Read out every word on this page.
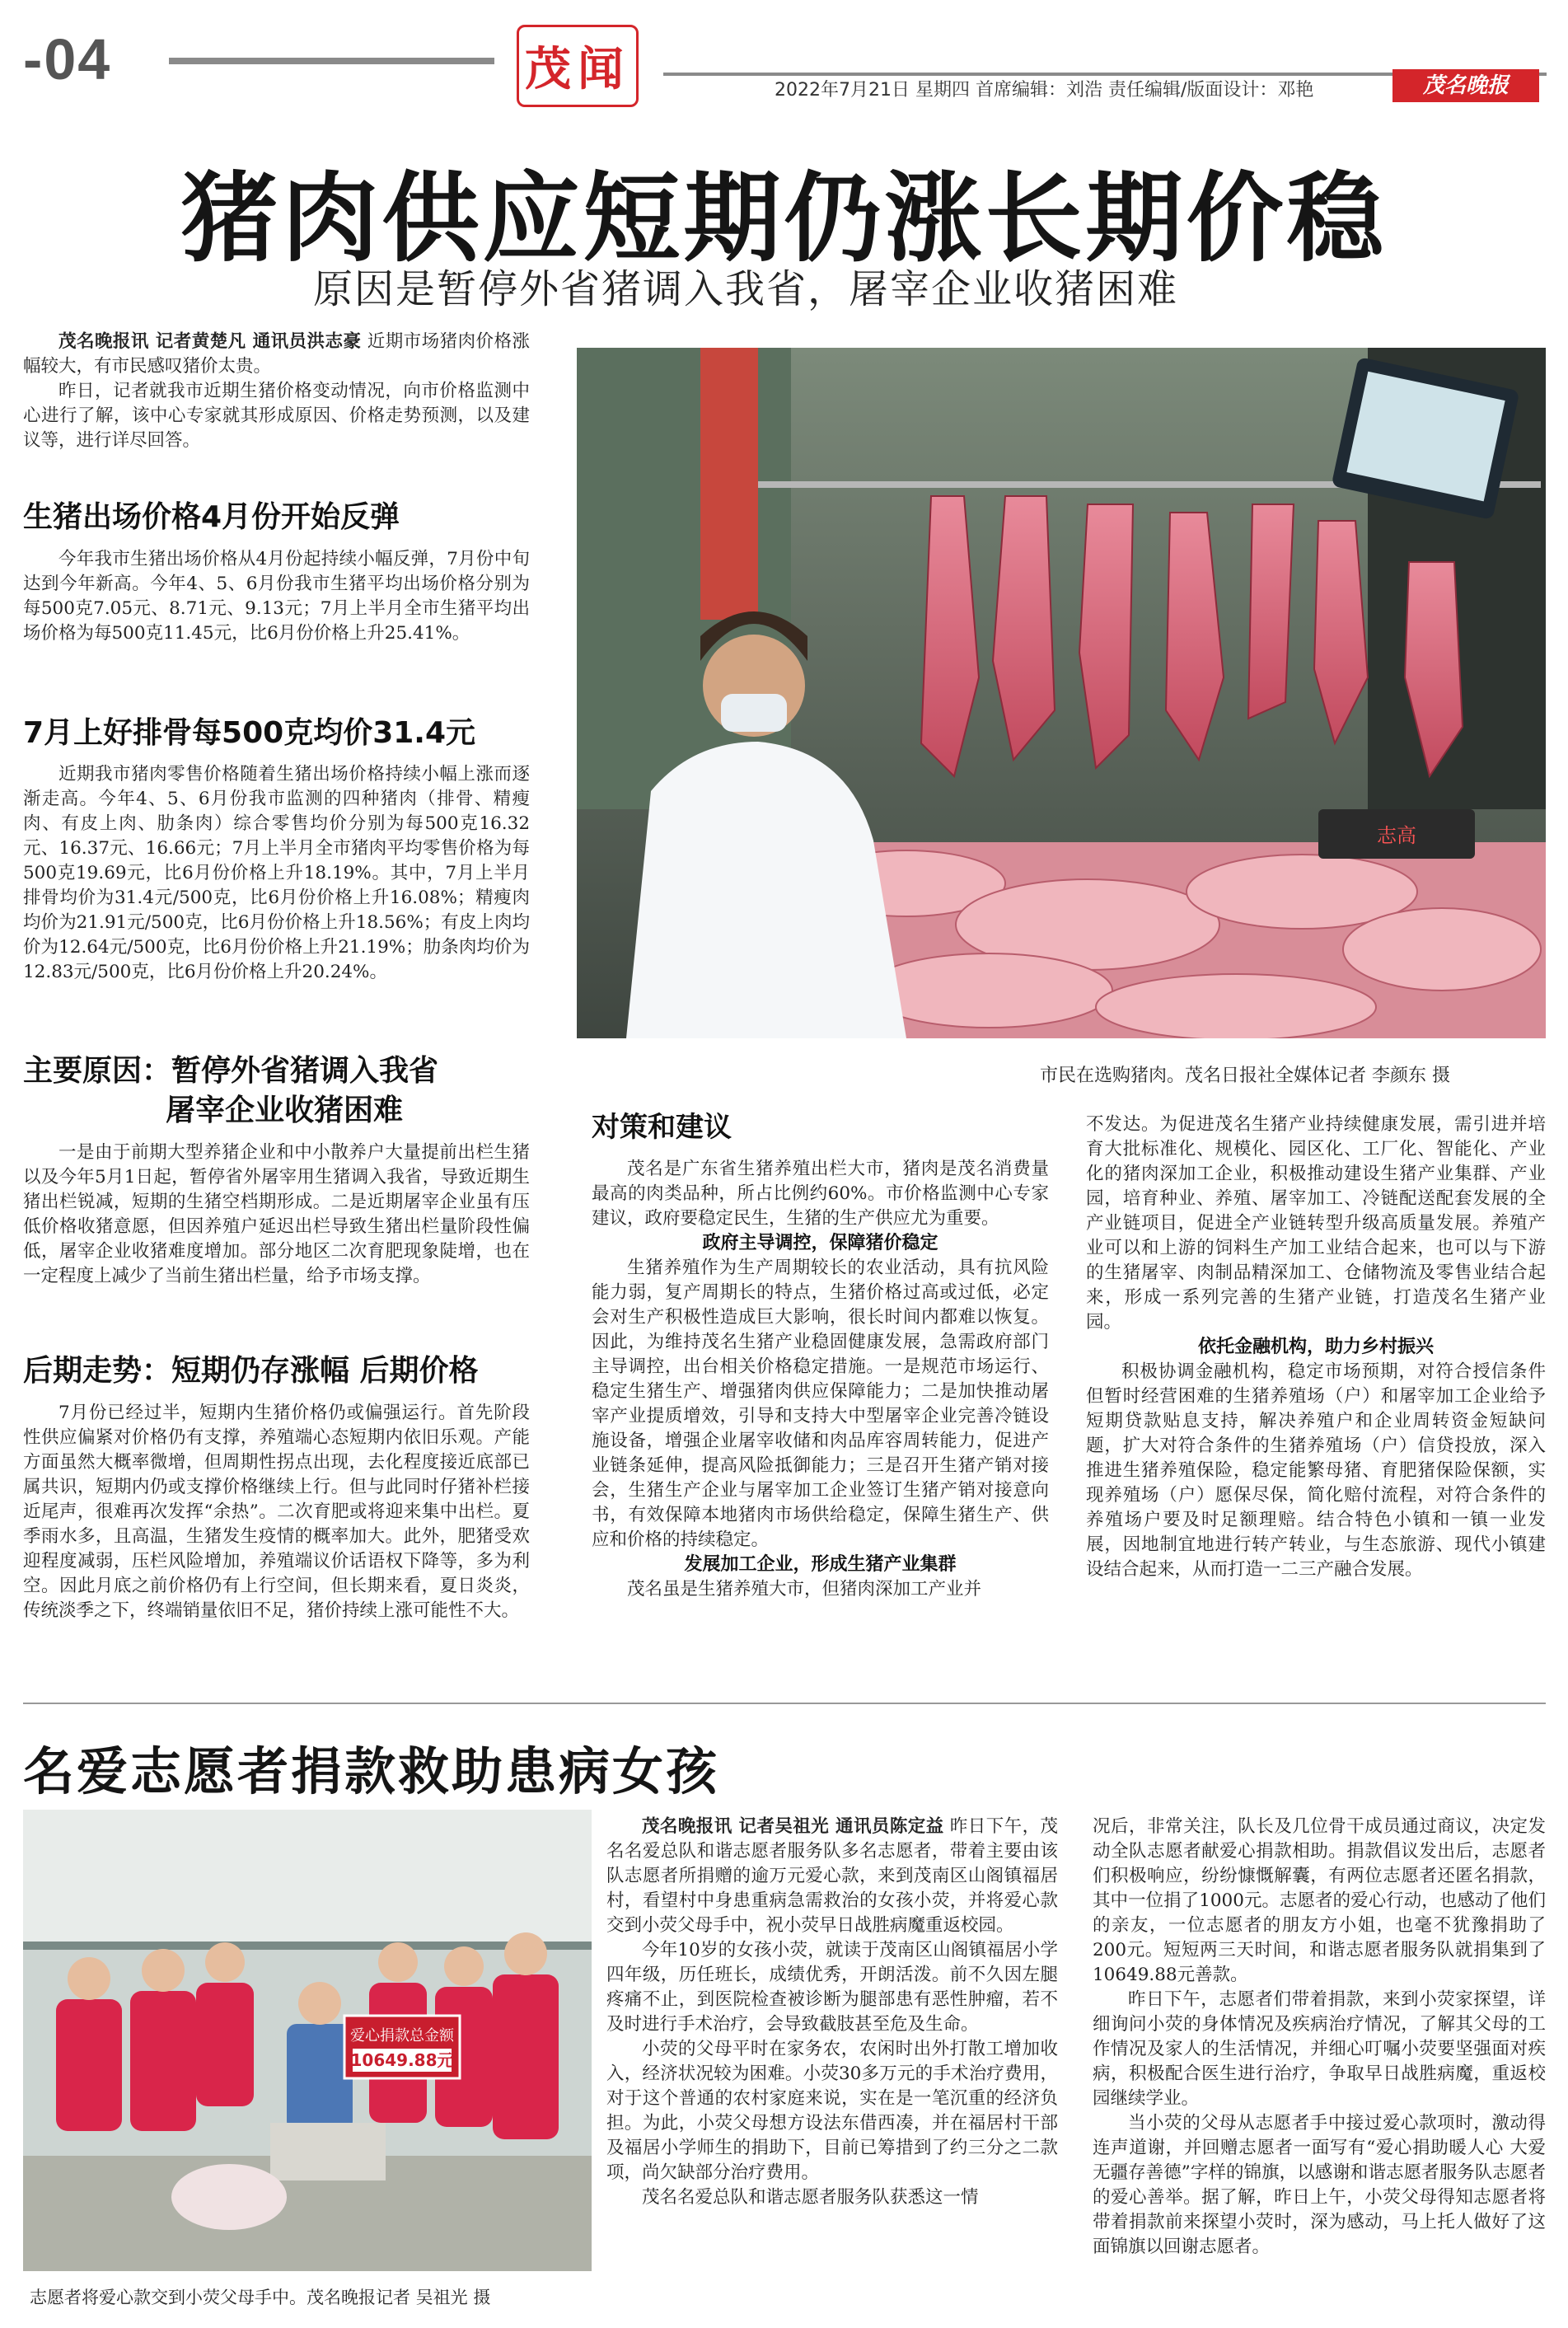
-04	茂闻	2022年7月21日 星期四 首席编辑：刘浩 责任编辑/版面设计：邓艳	茂名晚报
猪肉供应短期仍涨长期价稳
原因是暂停外省猪调入我省，屠宰企业收猪困难

茂名晚报讯 记者黄楚凡 通讯员洪志豪 近期市场猪肉价格涨幅较大，有市民感叹猪价太贵。

昨日，记者就我市近期生猪价格变动情况，向市价格监测中心进行了解，该中心专家就其形成原因、价格走势预测，以及建议等，进行详尽回答。

生猪出场价格4月份开始反弹

今年我市生猪出场价格从4月份起持续小幅反弹，7月份中旬达到今年新高。今年4、5、6月份我市生猪平均出场价格分别为每500克7.05元、8.71元、9.13元；7月上半月全市生猪平均出场价格为每500克11.45元，比6月份价格上升25.41%。

7月上好排骨每500克均价31.4元

近期我市猪肉零售价格随着生猪出场价格持续小幅上涨而逐渐走高。今年4、5、6月份我市监测的四种猪肉（排骨、精瘦肉、有皮上肉、肋条肉）综合零售均价分别为每500克16.32元、16.37元、16.66元；7月上半月全市猪肉平均零售价格为每500克19.69元，比6月份价格上升18.19%。其中，7月上半月排骨均价为31.4元/500克，比6月份价格上升16.08%；精瘦肉均价为21.91元/500克，比6月份价格上升18.56%；有皮上肉均价为12.64元/500克，比6月份价格上升21.19%；肋条肉均价为12.83元/500克，比6月份价格上升20.24%。

主要原因：暂停外省猪调入我省
屠宰企业收猪困难

一是由于前期大型养猪企业和中小散养户大量提前出栏生猪以及今年5月1日起，暂停省外屠宰用生猪调入我省，导致近期生猪出栏锐减，短期的生猪空档期形成。二是近期屠宰企业虽有压低价格收猪意愿，但因养殖户延迟出栏导致生猪出栏量阶段性偏低，屠宰企业收猪难度增加。部分地区二次育肥现象陡增，也在一定程度上减少了当前生猪出栏量，给予市场支撑。

后期走势：短期仍存涨幅 后期价格

7月份已经过半，短期内生猪价格仍或偏强运行。首先阶段性供应偏紧对价格仍有支撑，养殖端心态短期内依旧乐观。产能方面虽然大概率微增，但周期性拐点出现，去化程度接近底部已属共识，短期内仍或支撑价格继续上行。但与此同时仔猪补栏接近尾声，很难再次发挥“余热”。二次育肥或将迎来集中出栏。夏季雨水多，且高温，生猪发生疫情的概率加大。此外，肥猪受欢迎程度减弱，压栏风险增加，养殖端议价话语权下降等，多为利空。因此月底之前价格仍有上行空间，但长期来看，夏日炎炎，传统淡季之下，终端销量依旧不足，猪价持续上涨可能性不大。

志高
市民在选购猪肉。茂名日报社全媒体记者 李颜东 摄
对策和建议

茂名是广东省生猪养殖出栏大市，猪肉是茂名消费量最高的肉类品种，所占比例约60%。市价格监测中心专家建议，政府要稳定民生，生猪的生产供应尤为重要。

政府主导调控，保障猪价稳定

生猪养殖作为生产周期较长的农业活动，具有抗风险能力弱，复产周期长的特点，生猪价格过高或过低，必定会对生产积极性造成巨大影响，很长时间内都难以恢复。因此，为维持茂名生猪产业稳固健康发展，急需政府部门主导调控，出台相关价格稳定措施。一是规范市场运行、稳定生猪生产、增强猪肉供应保障能力；二是加快推动屠宰产业提质增效，引导和支持大中型屠宰企业完善冷链设施设备，增强企业屠宰收储和肉品库容周转能力，促进产业链条延伸，提高风险抵御能力；三是召开生猪产销对接会，生猪生产企业与屠宰加工企业签订生猪产销对接意向书，有效保障本地猪肉市场供给稳定，保障生猪生产、供应和价格的持续稳定。

发展加工企业，形成生猪产业集群

茂名虽是生猪养殖大市，但猪肉深加工产业并

不发达。为促进茂名生猪产业持续健康发展，需引进并培育大批标准化、规模化、园区化、工厂化、智能化、产业化的猪肉深加工企业，积极推动建设生猪产业集群、产业园，培育种业、养殖、屠宰加工、冷链配送配套发展的全产业链项目，促进全产业链转型升级高质量发展。养殖产业可以和上游的饲料生产加工业结合起来，也可以与下游的生猪屠宰、肉制品精深加工、仓储物流及零售业结合起来，形成一系列完善的生猪产业链，打造茂名生猪产业园。

依托金融机构，助力乡村振兴

积极协调金融机构，稳定市场预期，对符合授信条件但暂时经营困难的生猪养殖场（户）和屠宰加工企业给予短期贷款贴息支持，解决养殖户和企业周转资金短缺问题，扩大对符合条件的生猪养殖场（户）信贷投放，深入推进生猪养殖保险，稳定能繁母猪、育肥猪保险保额，实现养殖场（户）愿保尽保，简化赔付流程，对符合条件的养殖场户要及时足额理赔。结合特色小镇和一镇一业发展，因地制宜地进行转产转业，与生态旅游、现代小镇建设结合起来，从而打造一二三产融合发展。

名爱志愿者捐款救助患病女孩
爱心捐款总金额
10649.88元
志愿者将爱心款交到小荧父母手中。茂名晚报记者 吴祖光 摄

茂名晚报讯 记者吴祖光 通讯员陈定益 昨日下午，茂名名爱总队和谐志愿者服务队多名志愿者，带着主要由该队志愿者所捐赠的逾万元爱心款，来到茂南区山阁镇福居村，看望村中身患重病急需救治的女孩小荧，并将爱心款交到小荧父母手中，祝小荧早日战胜病魔重返校园。

今年10岁的女孩小荧，就读于茂南区山阁镇福居小学四年级，历任班长，成绩优秀，开朗活泼。前不久因左腿疼痛不止，到医院检查被诊断为腿部患有恶性肿瘤，若不及时进行手术治疗，会导致截肢甚至危及生命。

小荧的父母平时在家务农，农闲时出外打散工增加收入，经济状况较为困难。小荧30多万元的手术治疗费用，对于这个普通的农村家庭来说，实在是一笔沉重的经济负担。为此，小荧父母想方设法东借西凑，并在福居村干部及福居小学师生的捐助下，目前已筹措到了约三分之二款项，尚欠缺部分治疗费用。

茂名名爱总队和谐志愿者服务队获悉这一情

况后，非常关注，队长及几位骨干成员通过商议，决定发动全队志愿者献爱心捐款相助。捐款倡议发出后，志愿者们积极响应，纷纷慷慨解囊，有两位志愿者还匿名捐款，其中一位捐了1000元。志愿者的爱心行动，也感动了他们的亲友，一位志愿者的朋友方小姐，也毫不犹豫捐助了200元。短短两三天时间，和谐志愿者服务队就捐集到了10649.88元善款。

昨日下午，志愿者们带着捐款，来到小荧家探望，详细询问小荧的身体情况及疾病治疗情况，了解其父母的工作情况及家人的生活情况，并细心叮嘱小荧要坚强面对疾病，积极配合医生进行治疗，争取早日战胜病魔，重返校园继续学业。

当小荧的父母从志愿者手中接过爱心款项时，激动得连声道谢，并回赠志愿者一面写有“爱心捐助暖人心 大爱无疆存善德”字样的锦旗，以感谢和谐志愿者服务队志愿者的爱心善举。据了解，昨日上午，小荧父母得知志愿者将带着捐款前来探望小荧时，深为感动，马上托人做好了这面锦旗以回谢志愿者。
